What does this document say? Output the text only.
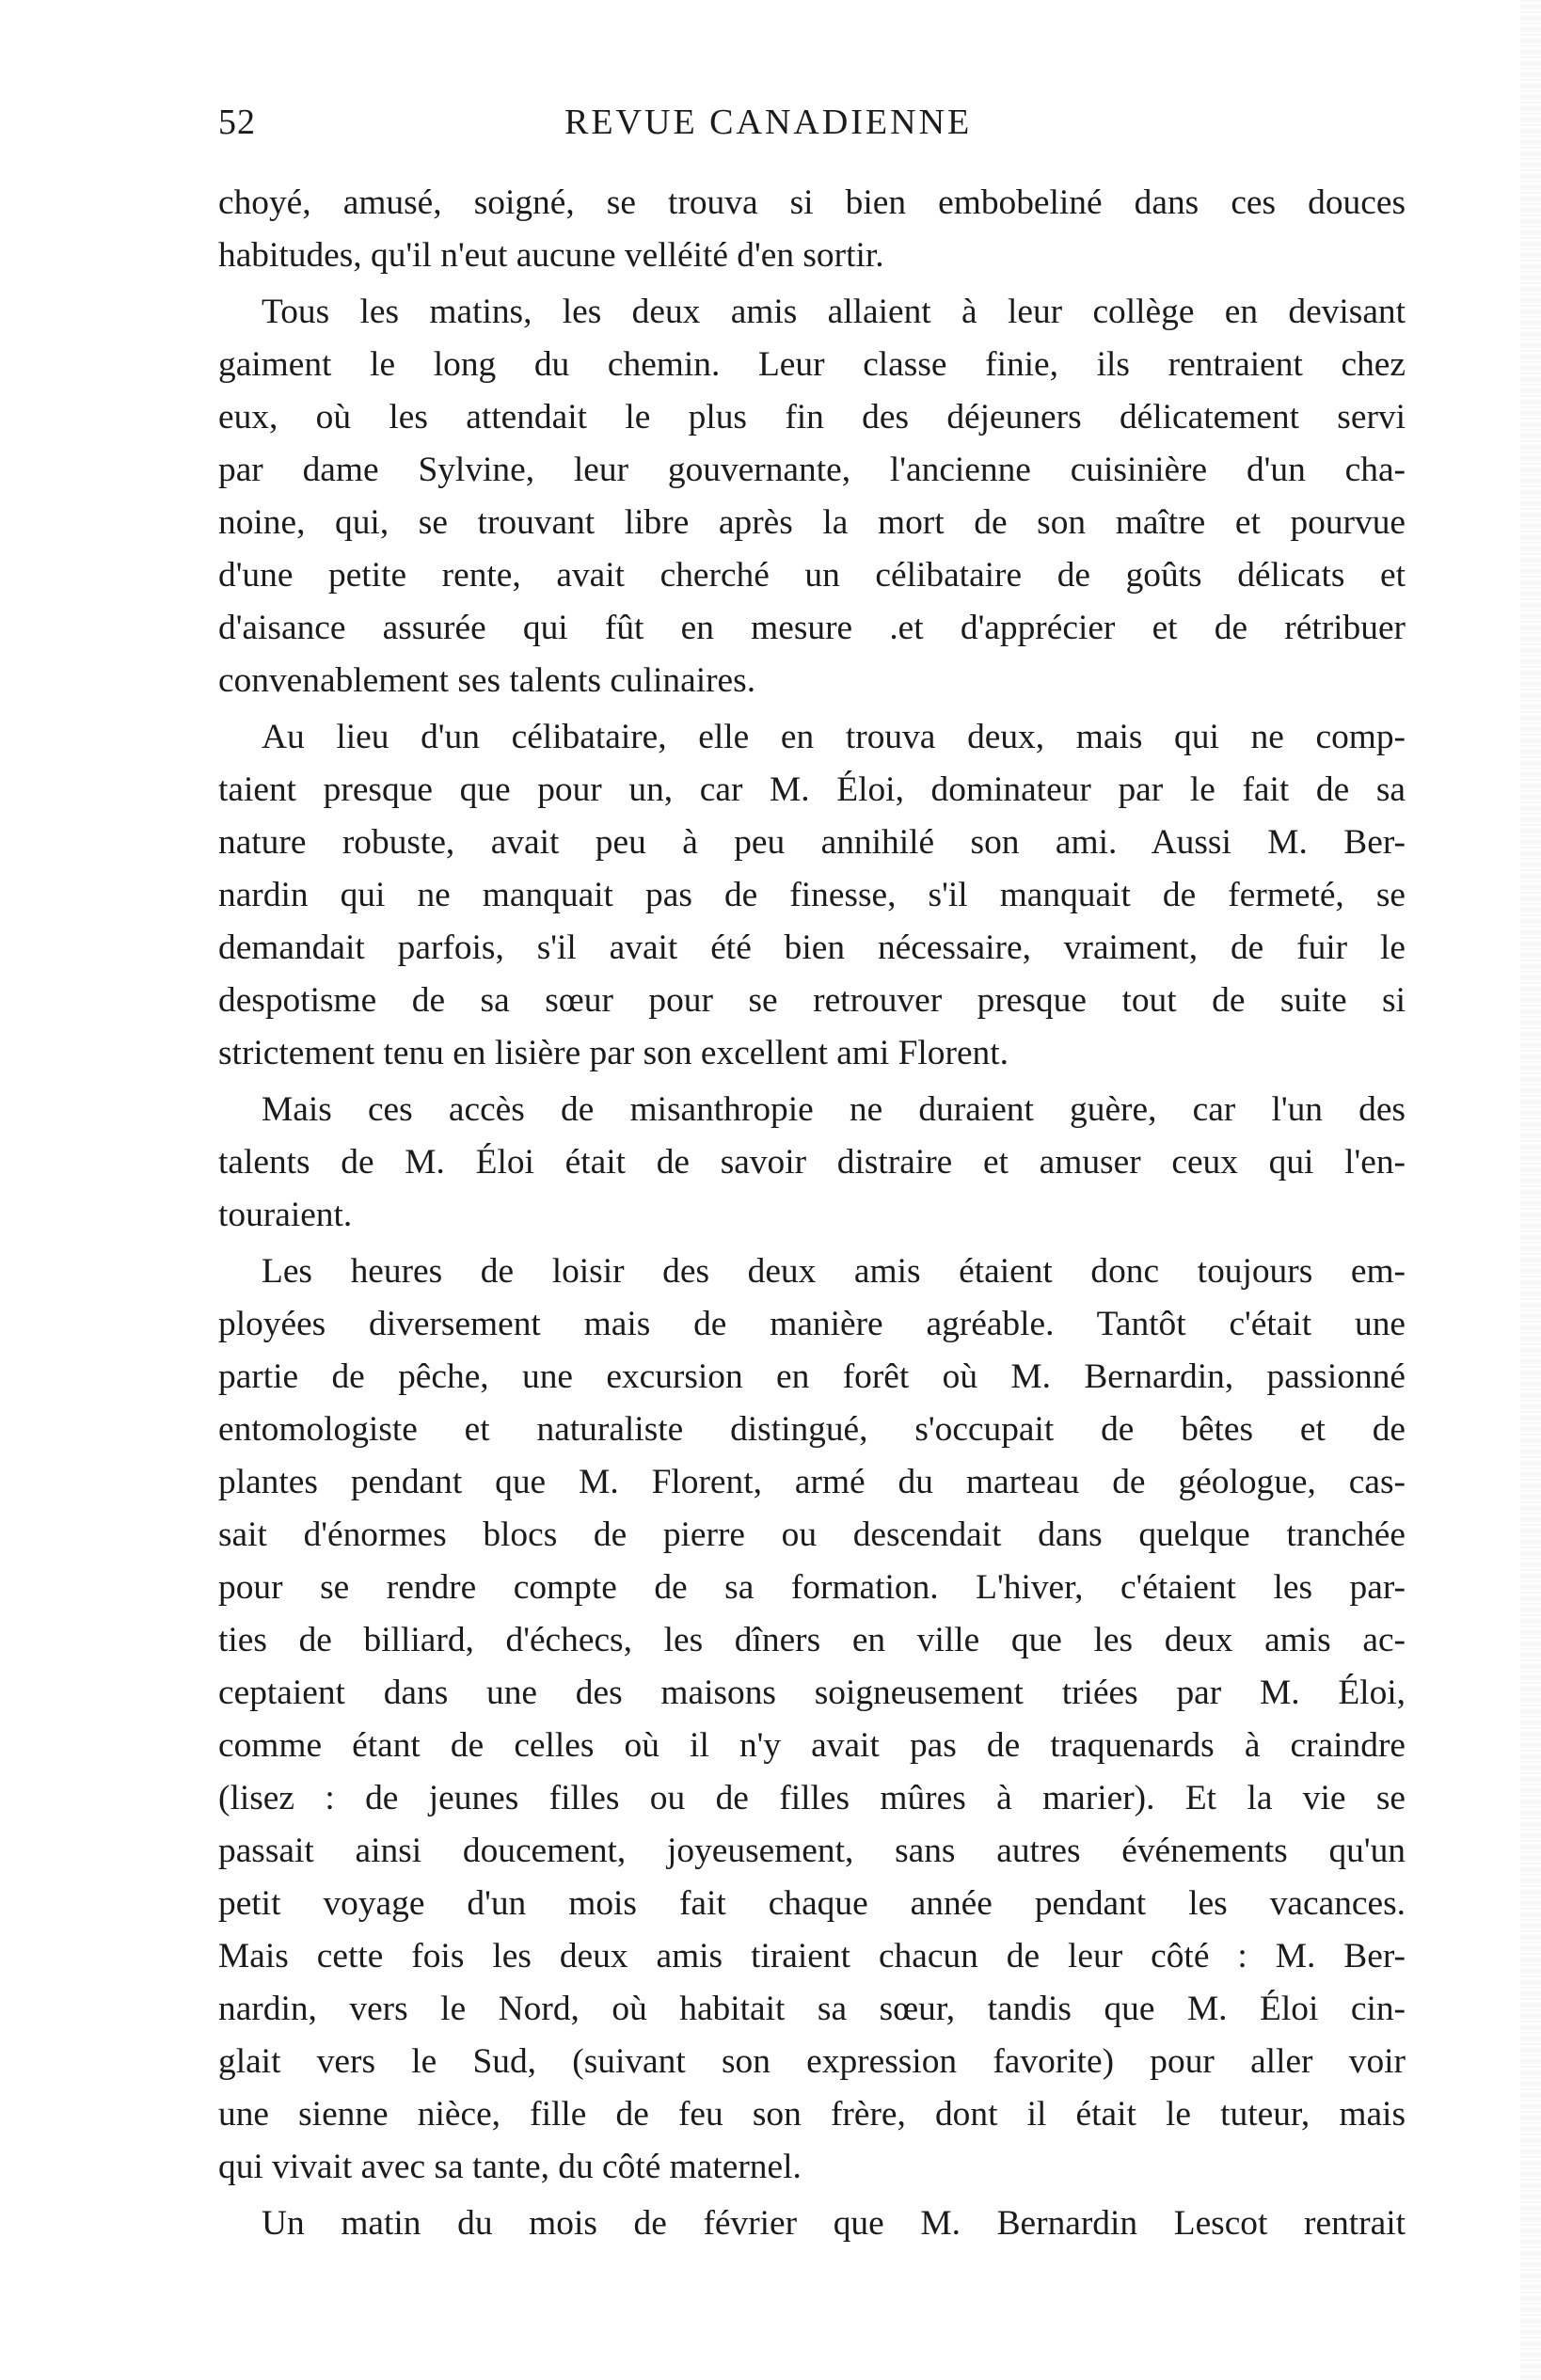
52	REVUE CANADIENNE
choyé, amusé, soigné, se trouva si bien embobeliné dans ces douces
habitudes, qu'il n'eut aucune velléité d'en sortir.
Tous les matins, les deux amis allaient à leur collège en devisant
gaiment le long du chemin. Leur classe finie, ils rentraient chez
eux, où les attendait le plus fin des déjeuners délicatement servi
par dame Sylvine, leur gouvernante, l'ancienne cuisinière d'un cha-
noine, qui, se trouvant libre après la mort de son maître et pourvue
d'une petite rente, avait cherché un célibataire de goûts délicats et
d'aisance assurée qui fût en mesure .et d'apprécier et de rétribuer
convenablement ses talents culinaires.
Au lieu d'un célibataire, elle en trouva deux, mais qui ne comp-
taient presque que pour un, car M. Éloi, dominateur par le fait de sa
nature robuste, avait peu à peu annihilé son ami. Aussi M. Ber-
nardin qui ne manquait pas de finesse, s'il manquait de fermeté, se
demandait parfois, s'il avait été bien nécessaire, vraiment, de fuir le
despotisme de sa sœur pour se retrouver presque tout de suite si
strictement tenu en lisière par son excellent ami Florent.
Mais ces accès de misanthropie ne duraient guère, car l'un des
talents de M. Éloi était de savoir distraire et amuser ceux qui l'en-
touraient.
Les heures de loisir des deux amis étaient donc toujours em-
ployées diversement mais de manière agréable. Tantôt c'était une
partie de pêche, une excursion en forêt où M. Bernardin, passionné
entomologiste et naturaliste distingué, s'occupait de bêtes et de
plantes pendant que M. Florent, armé du marteau de géologue, cas-
sait d'énormes blocs de pierre ou descendait dans quelque tranchée
pour se rendre compte de sa formation. L'hiver, c'étaient les par-
ties de billiard, d'échecs, les dîners en ville que les deux amis ac-
ceptaient dans une des maisons soigneusement triées par M. Éloi,
comme étant de celles où il n'y avait pas de traquenards à craindre
(lisez : de jeunes filles ou de filles mûres à marier). Et la vie se
passait ainsi doucement, joyeusement, sans autres événements qu'un
petit voyage d'un mois fait chaque année pendant les vacances.
Mais cette fois les deux amis tiraient chacun de leur côté : M. Ber-
nardin, vers le Nord, où habitait sa sœur, tandis que M. Éloi cin-
glait vers le Sud, (suivant son expression favorite) pour aller voir
une sienne nièce, fille de feu son frère, dont il était le tuteur, mais
qui vivait avec sa tante, du côté maternel.
Un matin du mois de février que M. Bernardin Lescot rentrait
